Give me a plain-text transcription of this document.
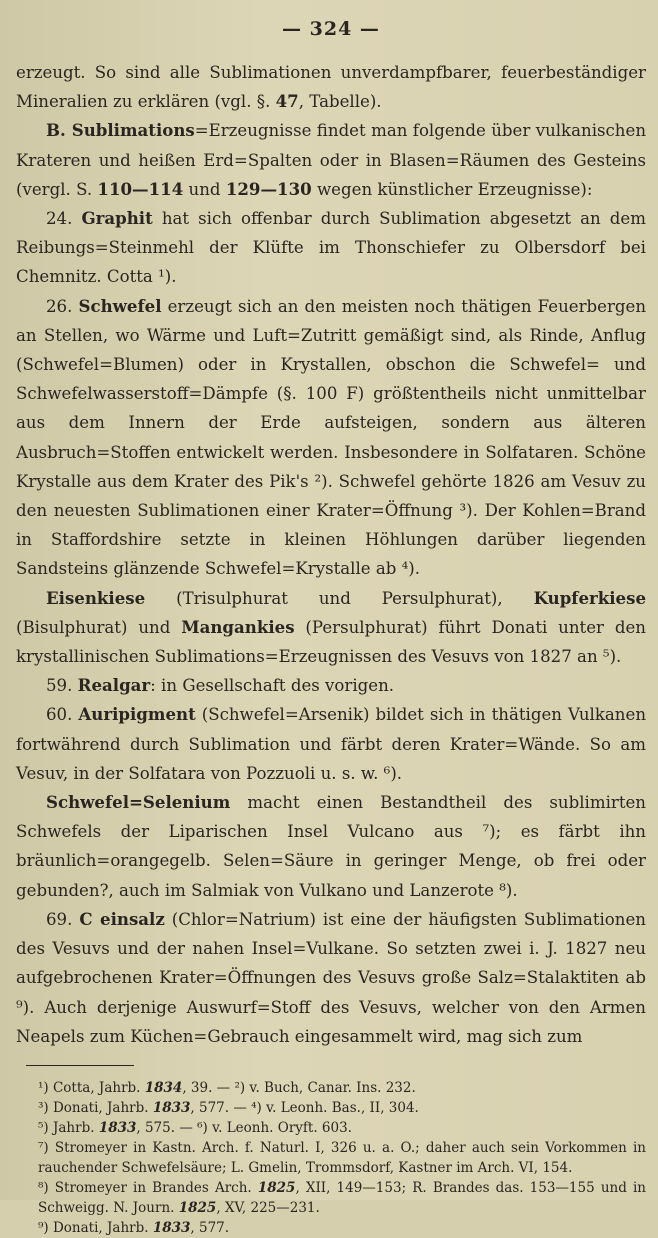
— 324 —

erzeugt. So sind alle Sublimationen unverdampfbarer, feuerbeständiger Mineralien zu erklären (vgl. §. 47, Tabelle).

B. Sublimations=Erzeugnisse findet man folgende über vulkanischen Krateren und heißen Erd=Spalten oder in Blasen=Räumen des Gesteins (vergl. S. 110—114 und 129—130 wegen künstlicher Erzeugnisse):

24. Graphit hat sich offenbar durch Sublimation abgesetzt an dem Reibungs=Steinmehl der Klüfte im Thonschiefer zu Olbersdorf bei Chemnitz. Cotta ¹).

26. Schwefel erzeugt sich an den meisten noch thätigen Feuerbergen an Stellen, wo Wärme und Luft=Zutritt gemäßigt sind, als Rinde, Anflug (Schwefel=Blumen) oder in Krystallen, obschon die Schwefel= und Schwefelwasserstoff=Dämpfe (§. 100 F) größtentheils nicht unmittelbar aus dem Innern der Erde aufsteigen, sondern aus älteren Ausbruch=Stoffen entwickelt werden. Insbesondere in Solfataren. Schöne Krystalle aus dem Krater des Pik's ²). Schwefel gehörte 1826 am Vesuv zu den neuesten Sublimationen einer Krater=Öffnung ³). Der Kohlen=Brand in Staffordshire setzte in kleinen Höhlungen darüber liegenden Sandsteins glänzende Schwefel=Krystalle ab ⁴).

Eisenkiese (Trisulphurat und Persulphurat), Kupferkiese (Bisulphurat) und Mangankies (Persulphurat) führt Donati unter den krystallinischen Sublimations=Erzeugnissen des Vesuvs von 1827 an ⁵).

59. Realgar: in Gesellschaft des vorigen.

60. Auripigment (Schwefel=Arsenik) bildet sich in thätigen Vulkanen fortwährend durch Sublimation und färbt deren Krater=Wände. So am Vesuv, in der Solfatara von Pozzuoli u. s. w. ⁶).

Schwefel=Selenium macht einen Bestandtheil des sublimirten Schwefels der Liparischen Insel Vulcano aus ⁷); es färbt ihn bräunlich=orangegelb. Selen=Säure in geringer Menge, ob frei oder gebunden?, auch im Salmiak von Vulkano und Lanzerote ⁸).

69. C einsalz (Chlor=Natrium) ist eine der häufigsten Sublimationen des Vesuvs und der nahen Insel=Vulkane. So setzten zwei i. J. 1827 neu aufgebrochenen Krater=Öffnungen des Vesuvs große Salz=Stalaktiten ab ⁹). Auch derjenige Auswurf=Stoff des Vesuvs, welcher von den Armen Neapels zum Küchen=Gebrauch eingesammelt wird, mag sich zum

¹) Cotta, Jahrb. 1834, 39. — ²) v. Buch, Canar. Ins. 232.

³) Donati, Jahrb. 1833, 577. — ⁴) v. Leonh. Bas., II, 304.

⁵) Jahrb. 1833, 575. — ⁶) v. Leonh. Oryft. 603.

⁷) Stromeyer in Kastn. Arch. f. Naturl. I, 326 u. a. O.; daher auch sein Vorkommen in rauchender Schwefelsäure; L. Gmelin, Trommsdorf, Kastner im Arch. VI, 154.

⁸) Stromeyer in Brandes Arch. 1825, XII, 149—153; R. Brandes das. 153—155 und in Schweigg. N. Journ. 1825, XV, 225—231.

⁹) Donati, Jahrb. 1833, 577.
